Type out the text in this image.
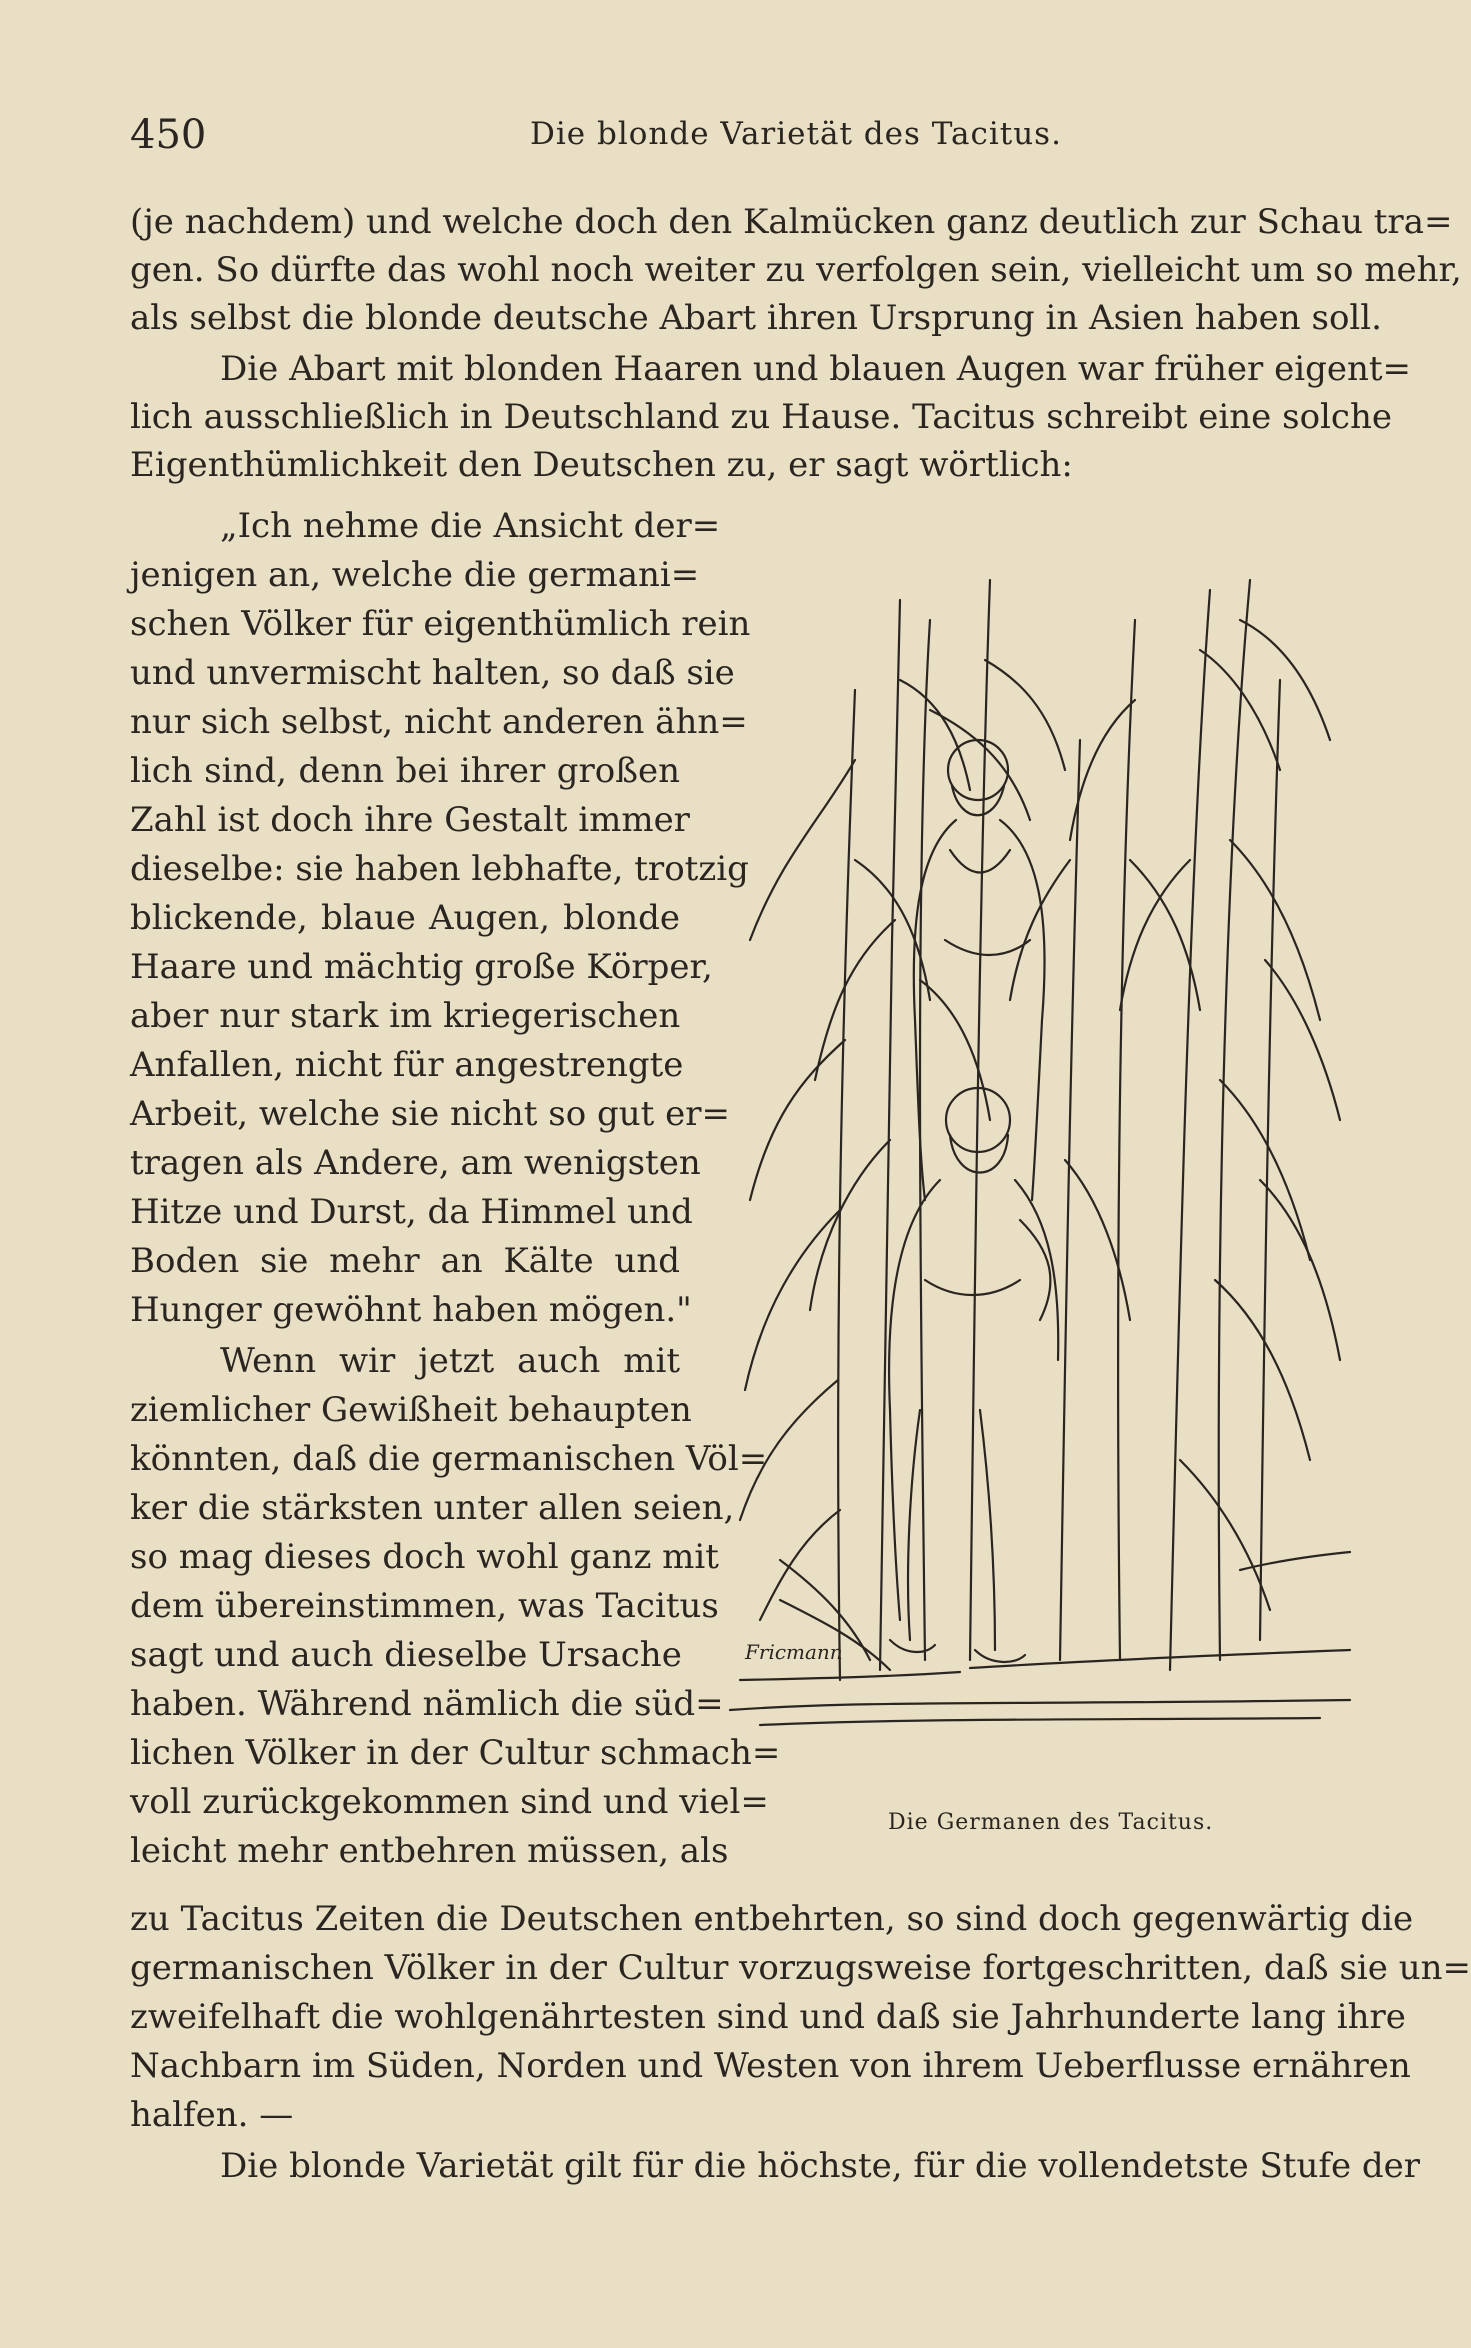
450	Die blonde Varietät des Tacitus.
(je nachdem) und welche doch den Kalmücken ganz deutlich zur Schau tra=
gen. So dürfte das wohl noch weiter zu verfolgen sein, vielleicht um so mehr,
als selbst die blonde deutsche Abart ihren Ursprung in Asien haben soll.
Die Abart mit blonden Haaren und blauen Augen war früher eigent=
lich ausschließlich in Deutschland zu Hause. Tacitus schreibt eine solche
Eigenthümlichkeit den Deutschen zu, er sagt wörtlich:
„Ich nehme die Ansicht der=
jenigen an, welche die germani=
schen Völker für eigenthümlich rein
und unvermischt halten, so daß sie
nur sich selbst, nicht anderen ähn=
lich sind, denn bei ihrer großen
Zahl ist doch ihre Gestalt immer
dieselbe: sie haben lebhafte, trotzig
blickende, blaue Augen, blonde
Haare und mächtig große Körper,
aber nur stark im kriegerischen
Anfallen, nicht für angestrengte
Arbeit, welche sie nicht so gut er=
tragen als Andere, am wenigsten
Hitze und Durst, da Himmel und
Boden sie mehr an Kälte und
Hunger gewöhnt haben mögen."
Wenn wir jetzt auch mit
ziemlicher Gewißheit behaupten
könnten, daß die germanischen Völ=
ker die stärksten unter allen seien,
so mag dieses doch wohl ganz mit
dem übereinstimmen, was Tacitus
sagt und auch dieselbe Ursache
haben. Während nämlich die süd=
lichen Völker in der Cultur schmach=
voll zurückgekommen sind und viel=
leicht mehr entbehren müssen, als
zu Tacitus Zeiten die Deutschen entbehrten, so sind doch gegenwärtig die
germanischen Völker in der Cultur vorzugsweise fortgeschritten, daß sie un=
zweifelhaft die wohlgenährtesten sind und daß sie Jahrhunderte lang ihre
Nachbarn im Süden, Norden und Westen von ihrem Ueberflusse ernähren
halfen. —
Die blonde Varietät gilt für die höchste, für die vollendetste Stufe der
Die Germanen des Tacitus.
Fricmann
